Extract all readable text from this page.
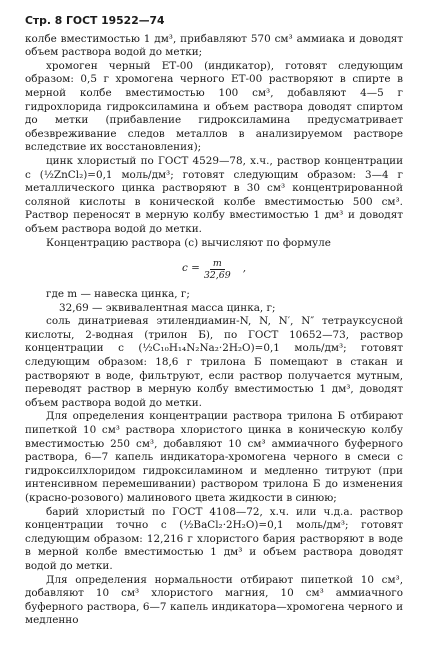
Стр. 8 ГОСТ 19522—74

колбе вместимостью 1 дм³, прибавляют 570 см³ аммиака и доводят объем раствора водой до метки;

хромоген черный ЕТ-00 (индикатор), готовят следующим образом: 0,5 г хромогена черного ЕТ-00 растворяют в спирте в мерной колбе вместимостью 100 см³, добавляют 4—5 г гидрохлорида гидроксиламина и объем раствора доводят спиртом до метки (прибавление гидроксиламина предусматривает обезвреживание следов металлов в анализируемом растворе вследствие их восстановления);

цинк хлористый по ГОСТ 4529—78, х.ч., раствор концентрации с (½ZnCl₂)=0,1 моль/дм³; готовят следующим образом: 3—4 г металлического цинка растворяют в 30 см³ концентрированной соляной кислоты в конической колбе вместимостью 500 см³. Раствор переносят в мерную колбу вместимостью 1 дм³ и доводят объем раствора водой до метки.

Концентрацию раствора (c) вычисляют по формуле

$c = \frac{m}{32,69}$ ,

где m — навеска цинка, г;

32,69 — эквивалентная масса цинка, г;

соль динатриевая этилендиамин-N, N, N′, N″ тетрауксусной кислоты, 2-водная (трилон Б), по ГОСТ 10652—73, раствор концентрации с (½C₁₀H₁₄N₂Na₂·2H₂O)=0,1 моль/дм³; готовят следующим образом: 18,6 г трилона Б помещают в стакан и растворяют в воде, фильтруют, если раствор получается мутным, переводят раствор в мерную колбу вместимостью 1 дм³, доводят объем раствора водой до метки.

Для определения концентрации раствора трилона Б отбирают пипеткой 10 см³ раствора хлористого цинка в коническую колбу вместимостью 250 см³, добавляют 10 см³ аммиачного буферного раствора, 6—7 капель индикатора-хромогена черного в смеси с гидроксилхлоридом гидроксиламином и медленно титруют (при интенсивном перемешивании) раствором трилона Б до изменения (красно-розового) малинового цвета жидкости в синюю;

барий хлористый по ГОСТ 4108—72, х.ч. или ч.д.а. раствор концентрации точно с (½BaCl₂·2H₂O)=0,1 моль/дм³; готовят следующим образом: 12,216 г хлористого бария растворяют в воде в мерной колбе вместимостью 1 дм³ и объем раствора доводят водой до метки.

Для определения нормальности отбирают пипеткой 10 см³, добавляют 10 см³ хлористого магния, 10 см³ аммиачного буферного раствора, 6—7 капель индикатора—хромогена черного и медленно
